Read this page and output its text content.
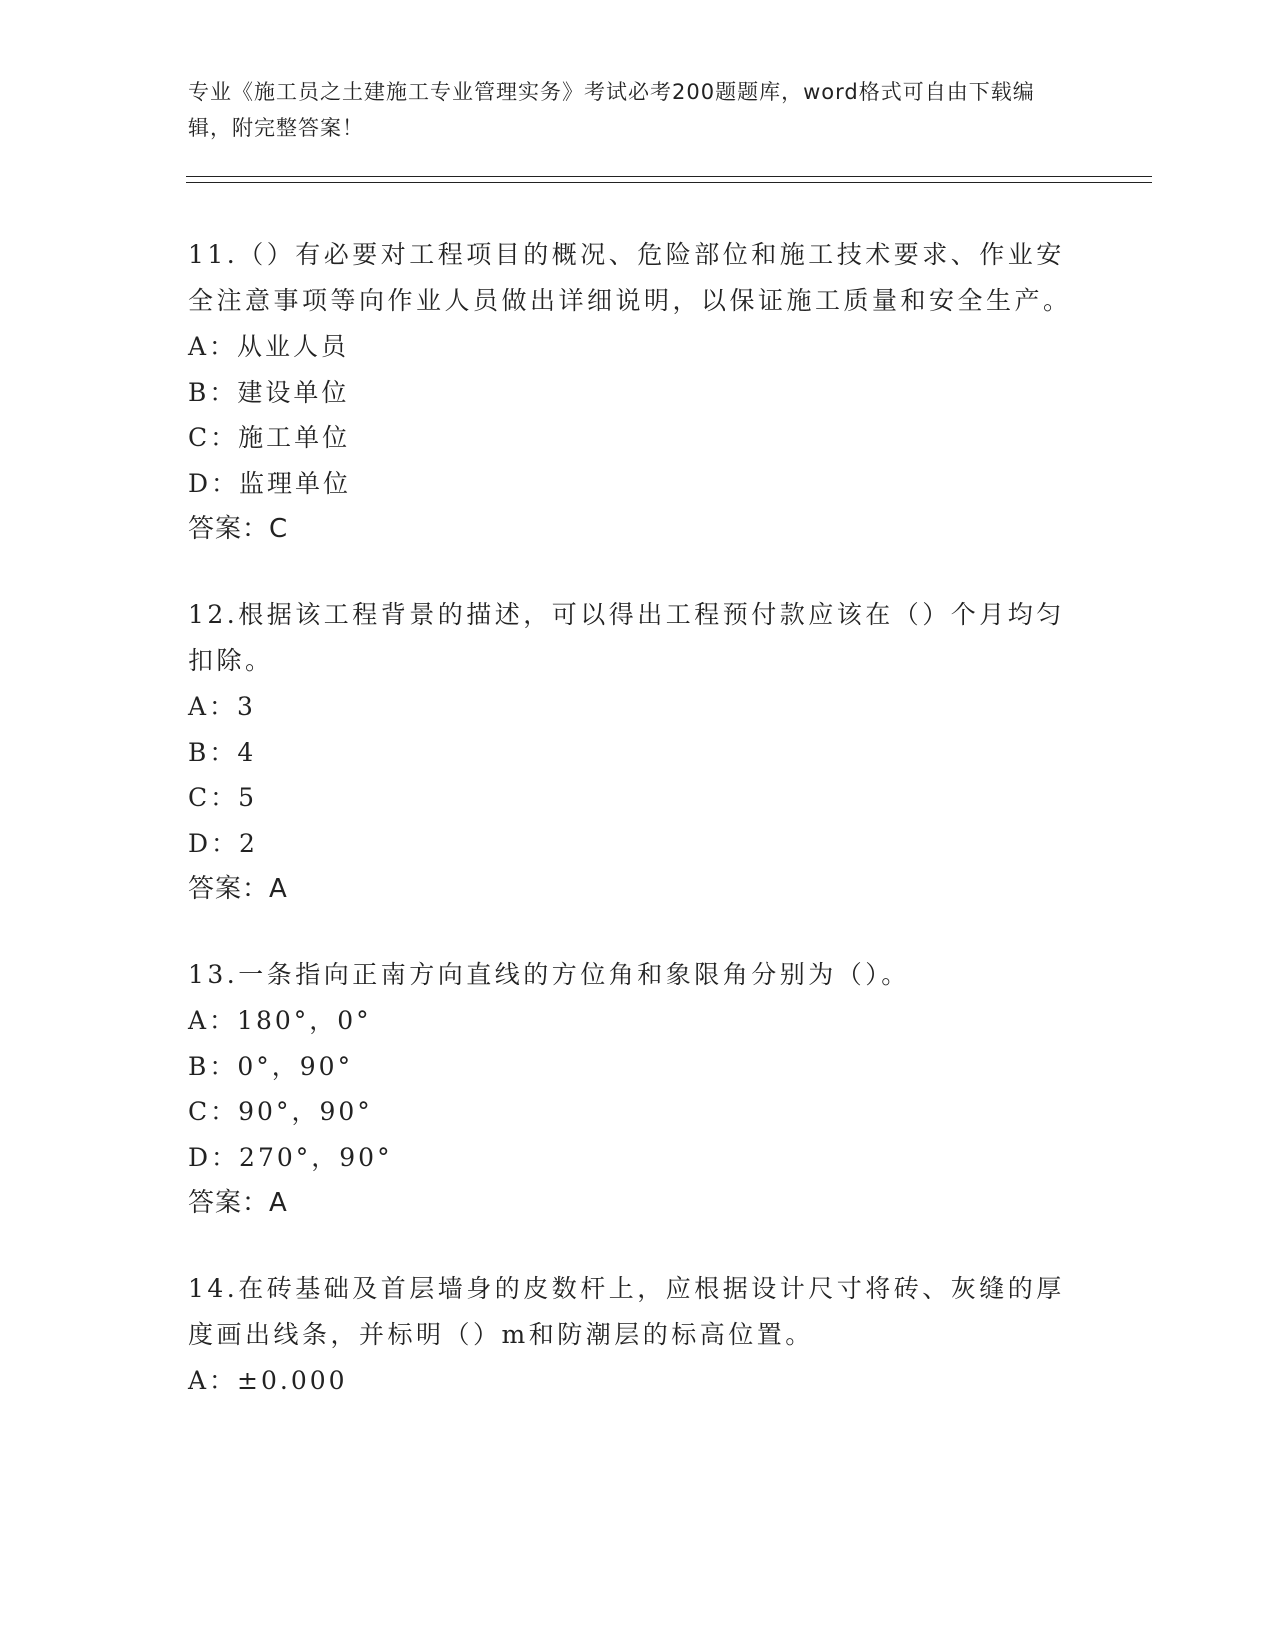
专业《施工员之土建施工专业管理实务》考试必考200题题库，word格式可自由下载编辑，附完整答案！
11.（）有必要对工程项目的概况、危险部位和施工技术要求、作业安全注意事项等向作业人员做出详细说明，以保证施工质量和安全生产。
A：从业人员
B：建设单位
C：施工单位
D：监理单位
答案：C
12.根据该工程背景的描述，可以得出工程预付款应该在（）个月均匀扣除。
A：3
B：4
C：5
D：2
答案：A
13.一条指向正南方向直线的方位角和象限角分别为（）。
A：180°，0°
B：0°，90°
C：90°，90°
D：270°，90°
答案：A
14.在砖基础及首层墙身的皮数杆上，应根据设计尺寸将砖、灰缝的厚度画出线条，并标明（）m和防潮层的标高位置。
A：±0.000
